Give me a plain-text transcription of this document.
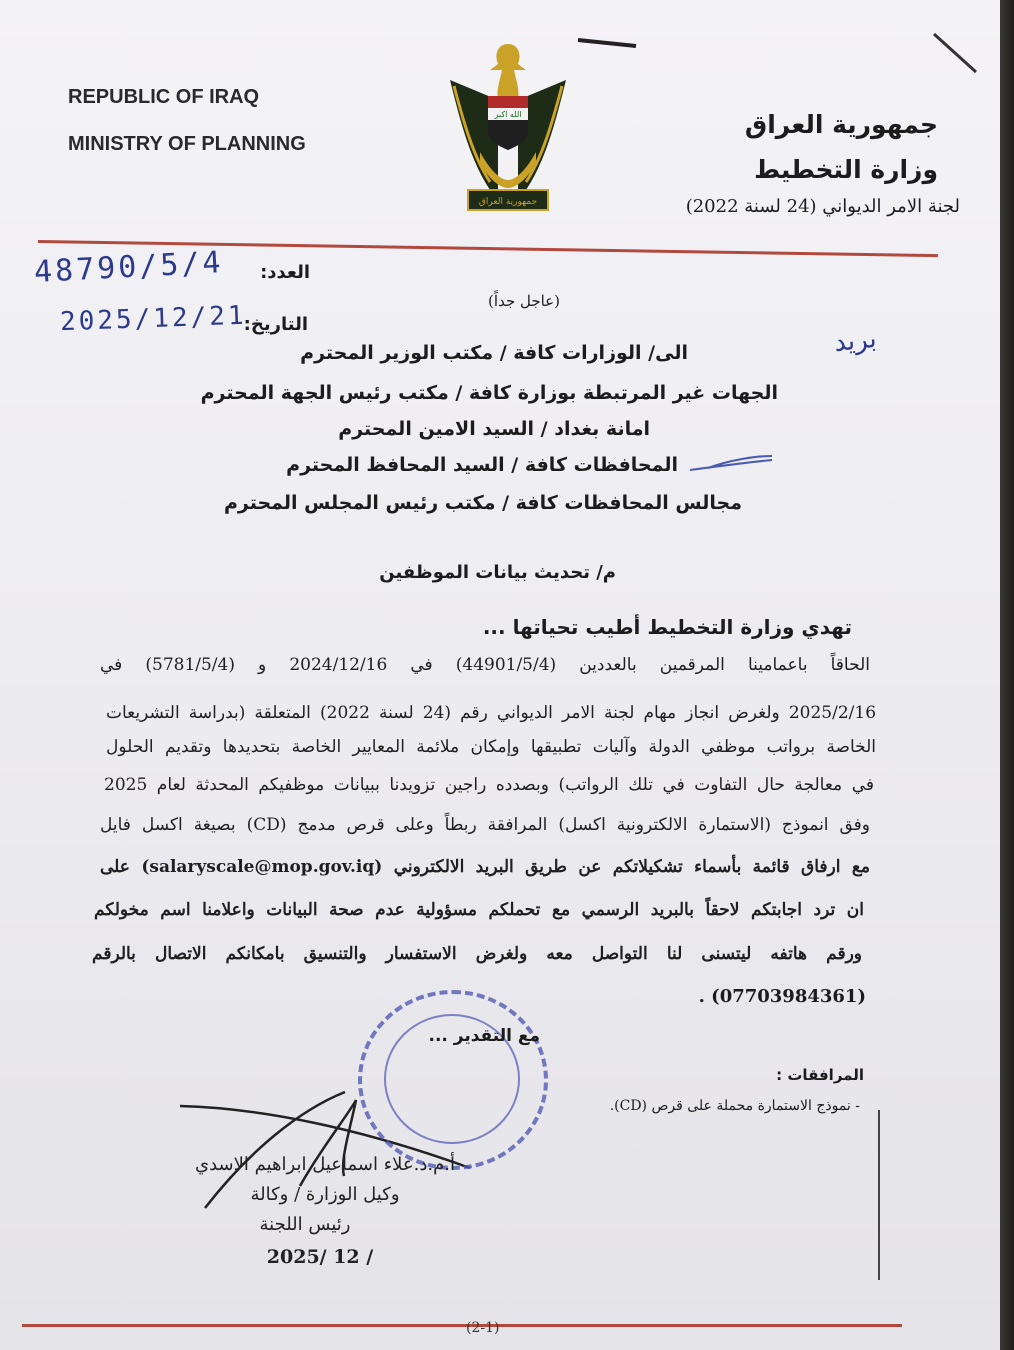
REPUBLIC OF IRAQ
MINISTRY OF PLANNING
الله اكبر
جمهورية العراق
جمهورية العراق
وزارة التخطيط
لجنة الامر الديواني (24 لسنة 2022)
العدد:
48790/5/4
(عاجل جداً)
التاريخ:
2025/12/21
بريد
الى/ الوزارات كافة / مكتب الوزير المحترم
الجهات غير المرتبطة بوزارة كافة / مكتب رئيس الجهة المحترم
امانة بغداد / السيد الامين المحترم
المحافظات كافة / السيد المحافظ المحترم
مجالس المحافظات كافة / مكتب رئيس المجلس المحترم
م/ تحديث بيانات الموظفين
تهدي وزارة التخطيط أطيب تحياتها ...
الحاقاً باعمامينا المرقمين بالعددين (44901/5/4) في 2024/12/16 و (5781/5/4) في
2025/2/16 ولغرض انجاز مهام لجنة الامر الديواني رقم (24 لسنة 2022) المتعلقة (بدراسة التشريعات
الخاصة برواتب موظفي الدولة وآليات تطبيقها وإمكان ملائمة المعايير الخاصة بتحديدها وتقديم الحلول
في معالجة حال التفاوت في تلك الرواتب) وبصدده راجين تزويدنا ببيانات موظفيكم المحدثة لعام 2025
وفق انموذج (الاستمارة الالكترونية اكسل) المرافقة ربطاً وعلى قرص مدمج (CD) بصيغة اكسل فايل
مع ارفاق قائمة بأسماء تشكيلاتكم عن طريق البريد الالكتروني (salaryscale@mop.gov.iq) على
ان ترد اجابتكم لاحقاً بالبريد الرسمي مع تحملكم مسؤولية عدم صحة البيانات واعلامنا اسم مخولكم
ورقم هاتفه ليتسنى لنا التواصل معه ولغرض الاستفسار والتنسيق بامكانكم الاتصال بالرقم
(07703984361) .
مع التقدير ...
المرافقات :
- نموذج الاستمارة محملة على قرص (CD).
أ.م.د.علاء اسماعيل ابراهيم الاسدي
وكيل الوزارة / وكالة
رئيس اللجنة
2025/ 12 /
(2-1)
